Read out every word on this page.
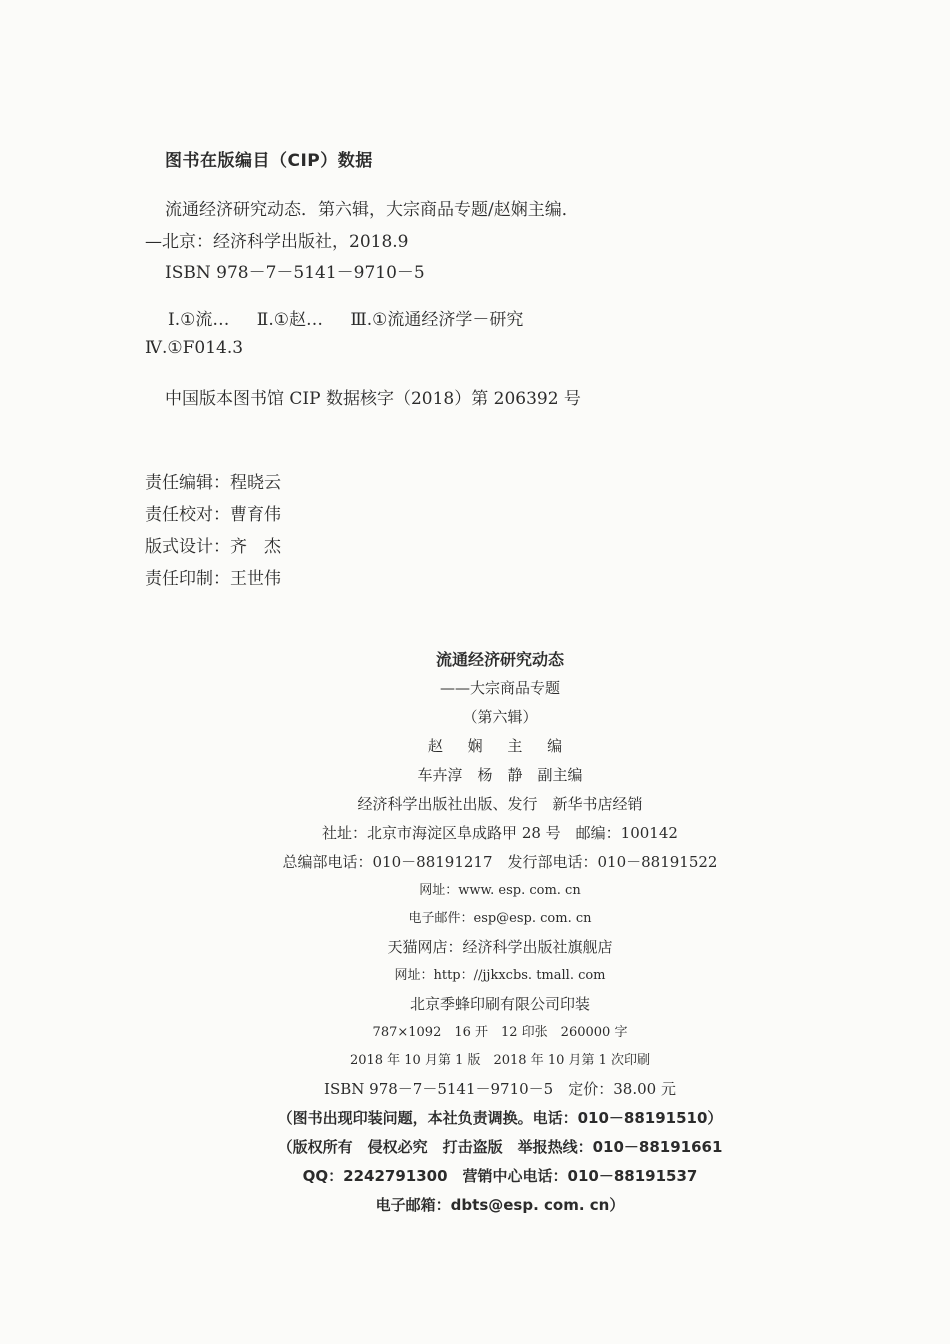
图书在版编目（CIP）数据
流通经济研究动态．第六辑，大宗商品专题/赵娴主编．
—北京：经济科学出版社，2018.9
ISBN 978－7－5141－9710－5
Ⅰ.①流… Ⅱ.①赵… Ⅲ.①流通经济学－研究
Ⅳ.①F014.3
中国版本图书馆 CIP 数据核字（2018）第 206392 号
责任编辑：程晓云
责任校对：曹育伟
版式设计：齐　杰
责任印制：王世伟
流通经济研究动态
——大宗商品专题
（第六辑）
赵 娴 主 编
车卉淳　杨　静　副主编
经济科学出版社出版、发行　新华书店经销
社址：北京市海淀区阜成路甲 28 号　邮编：100142
总编部电话：010－88191217　发行部电话：010－88191522
网址：www. esp. com. cn
电子邮件：esp@esp. com. cn
天猫网店：经济科学出版社旗舰店
网址：http：//jjkxcbs. tmall. com
北京季蜂印刷有限公司印装
787×1092　16 开　12 印张　260000 字
2018 年 10 月第 1 版　2018 年 10 月第 1 次印刷
ISBN 978－7－5141－9710－5　定价：38.00 元
（图书出现印装问题，本社负责调换。电话：010－88191510）
（版权所有　侵权必究　打击盗版　举报热线：010－88191661
QQ：2242791300　营销中心电话：010－88191537
电子邮箱：dbts@esp. com. cn）
